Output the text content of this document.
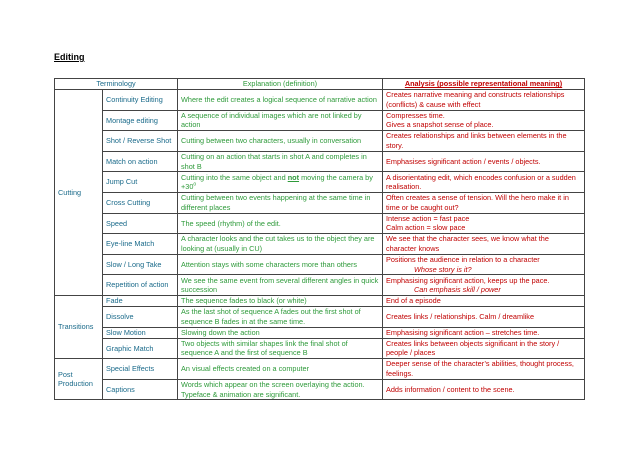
Editing
Terminology		Explanation (definition)	Analysis (possible representational meaning)
Cutting	Continuity Editing	Where the edit creates a logical sequence of narrative action	Creates narrative meaning and constructs relationships (conflicts) & cause with effect
	Montage editing	A sequence of individual images which are not linked by action	Compresses time.
Gives a snapshot sense of place.
	Shot / Reverse Shot	Cutting between two characters, usually in conversation	Creates relationships and links between elements in the story.
	Match on action	Cutting on an action that starts in shot A and completes in shot B	Emphasises significant action / events / objects.
	Jump Cut	Cutting into the same object and not moving the camera by $+30^o$	A disorientating edit, which encodes confusion or a sudden realisation.
	Cross Cutting	Cutting between two events happening at the same time in different places	Often creates a sense of tension. Will the hero make it in time or be caught out?
	Speed	The speed (rhythm) of the edit.	Intense action = fast pace
Calm action = slow pace
	Eye-line Match	A character looks and the cut takes us to the object they are looking at (usually in CU)	We see that the character sees, we know what the character knows
	Slow / Long Take	Attention stays with some characters more than others	Positions the audience in relation to a character
Whose story is it?

	Repetition of action	We see the same event from several different angles in quick succession	Emphasising significant action, keeps up the pace.
Can emphasis skill / power

Transitions	Fade	The sequence fades to black (or white)	End of a episode
	Dissolve	As the last shot of sequence A fades out the first shot of sequence B fades in at the same time.	Creates links / relationships. Calm / dreamlike
	Slow Motion	Slowing down the action	Emphasising significant action – stretches time.
	Graphic Match	Two objects with similar shapes link the final shot of sequence A and the first of sequence B	Creates links between objects significant in the story / people / places
Post Production	Special Effects	An visual effects created on a computer	Deeper sense of the character’s abilities, thought process, feelings.
	Captions	Words which appear on the screen overlaying the action. Typeface & animation are significant.	Adds information / content to the scene.
